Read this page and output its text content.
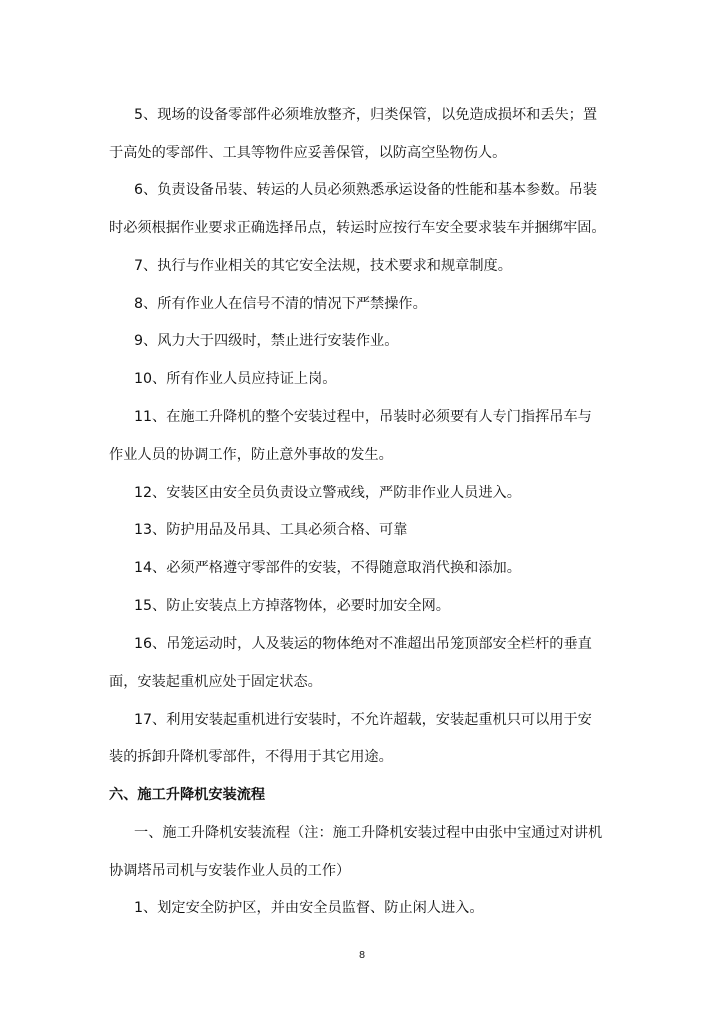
5、现场的设备零部件必须堆放整齐，归类保管，以免造成损坏和丢失；置
于高处的零部件、工具等物件应妥善保管，以防高空坠物伤人。
6、负责设备吊装、转运的人员必须熟悉承运设备的性能和基本参数。吊装
时必须根据作业要求正确选择吊点，转运时应按行车安全要求装车并捆绑牢固。
7、执行与作业相关的其它安全法规，技术要求和规章制度。
8、所有作业人在信号不清的情况下严禁操作。
9、风力大于四级时，禁止进行安装作业。
10、所有作业人员应持证上岗。
11、在施工升降机的整个安装过程中，吊装时必须要有人专门指挥吊车与
作业人员的协调工作，防止意外事故的发生。
12、安装区由安全员负责设立警戒线，严防非作业人员进入。
13、防护用品及吊具、工具必须合格、可靠
14、必须严格遵守零部件的安装，不得随意取消代换和添加。
15、防止安装点上方掉落物体，必要时加安全网。
16、吊笼运动时，人及装运的物体绝对不准超出吊笼顶部安全栏杆的垂直
面，安装起重机应处于固定状态。
17、利用安装起重机进行安装时，不允许超载，安装起重机只可以用于安
装的拆卸升降机零部件，不得用于其它用途。
六、施工升降机安装流程
一、施工升降机安装流程（注：施工升降机安装过程中由张中宝通过对讲机
协调塔吊司机与安装作业人员的工作）
1、划定安全防护区，并由安全员监督、防止闲人进入。
8
